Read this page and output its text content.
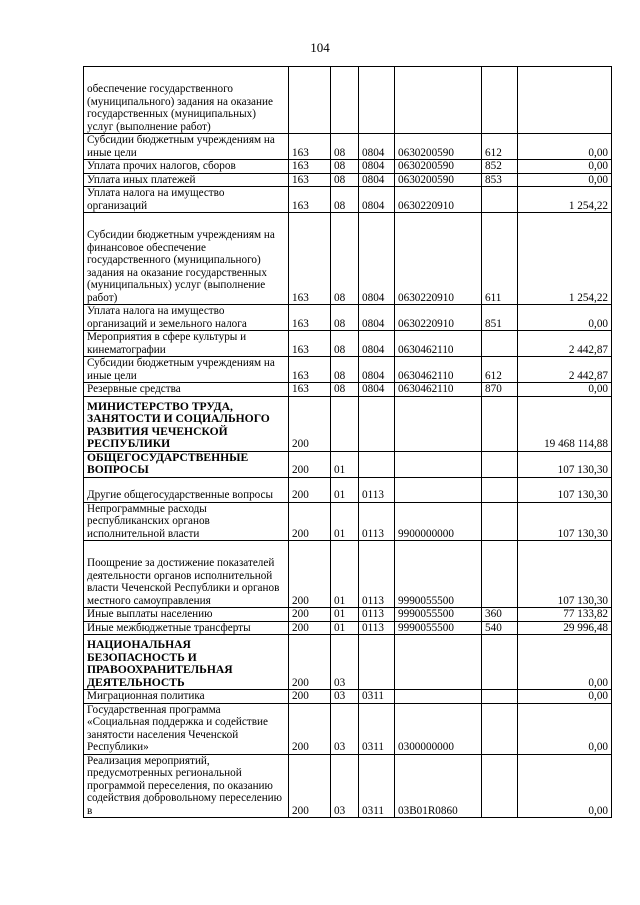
104
обеспечение государственного (муниципального) задания на оказание государственных (муниципальных) услуг (выполнение работ)						
Субсидии бюджетным учреждениям на иные цели	163	08	0804	0630200590	612	0,00
Уплата прочих налогов, сборов	163	08	0804	0630200590	852	0,00
Уплата иных платежей	163	08	0804	0630200590	853	0,00
Уплата налога на имущество организаций	163	08	0804	0630220910		1 254,22
Субсидии бюджетным учреждениям на финансовое обеспечение государственного (муниципального) задания на оказание государственных (муниципальных) услуг (выполнение работ)	163	08	0804	0630220910	611	1 254,22
Уплата налога на имущество организаций и земельного налога	163	08	0804	0630220910	851	0,00
Мероприятия в сфере культуры и кинематографии	163	08	0804	0630462110		2 442,87
Субсидии бюджетным учреждениям на иные цели	163	08	0804	0630462110	612	2 442,87
Резервные средства	163	08	0804	0630462110	870	0,00
МИНИСТЕРСТВО ТРУДА, ЗАНЯТОСТИ И СОЦИАЛЬНОГО РАЗВИТИЯ ЧЕЧЕНСКОЙ РЕСПУБЛИКИ	200					19 468 114,88
ОБЩЕГОСУДАРСТВЕННЫЕ ВОПРОСЫ	200	01				107 130,30
Другие общегосударственные вопросы	200	01	0113			107 130,30
Непрограммные расходы республиканских органов исполнительной власти	200	01	0113	9900000000		107 130,30
Поощрение за достижение показателей деятельности органов исполнительной власти Чеченской Республики и органов местного самоуправления	200	01	0113	9990055500		107 130,30
Иные выплаты населению	200	01	0113	9990055500	360	77 133,82
Иные межбюджетные трансферты	200	01	0113	9990055500	540	29 996,48
НАЦИОНАЛЬНАЯ БЕЗОПАСНОСТЬ И ПРАВООХРАНИТЕЛЬНАЯ ДЕЯТЕЛЬНОСТЬ	200	03				0,00
Миграционная политика	200	03	0311			0,00
Государственная программа «Социальная поддержка и содействие занятости населения Чеченской Республики»	200	03	0311	0300000000		0,00
Реализация мероприятий, предусмотренных региональной программой переселения, по оказанию содействия добровольному переселению в	200	03	0311	03В01R0860		0,00
